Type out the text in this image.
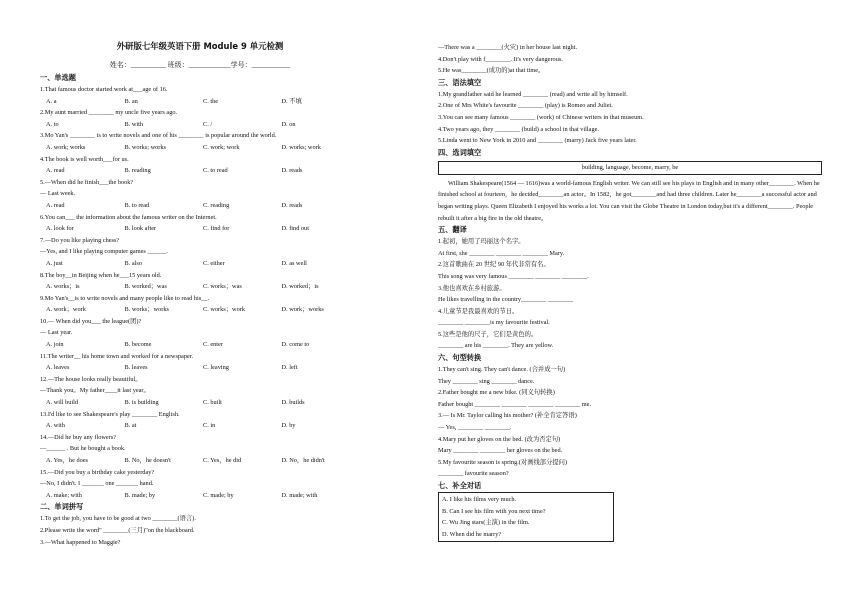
外研版七年级英语下册 Module 9 单元检测
姓名：__________ 班级：____________学号：___________
一、单选题
1.That famous doctor started work at___age of 16.
A. a	B. an	C. the	D. 不填
2.My aunt married ________ my uncle five years ago.
A. to	B. with	C. /	D. on
3.Mo Yan's ________ is to write novels and one of his ________ is popular around the world.
A. work; works	B. works; works	C. work; work	D. works; work
4.The book is well worth___for us.
A. read	B. reading	C. to read	D. reads
5.—When did he finish___the book?
— Last week.
A. read	B. to read	C. reading	D. reads
6.You can___ the information about the famous writer on the Internet.
A. look for	B. look after	C. find for	D. find out
7.—Do you like playing chess?
—Yes, and I like playing computer games ______.
A. just	B. also	C. either	D. as well
8.The boy__in Beijing when he___15 years old.
A. works；is	B. worked；was	C. works；was	D. worked；is
9.Mo Yan's__is to write novels and many people like to read his__.
A. work；work	B. works；works	C. works；work	D. work；works
10.— When did you___ the league(团)?
— Last year.
A. join	B. become	C. enter	D. come to
11.The writer__ his home town and worked for a newspaper.
A. leaves	B. leaves	C. leaving	D. left
12.—The house looks really beautiful。
—Thank you。My father____it last year。
A. will build	B. is building	C. built	D. builds
13.I'd like to see Shakespeare's play ________ English.
A. with	B. at	C. in	D. by
14.—Did he buy any flowers?
—______ . But he bought a book.
A. Yes，he does	B. No，he doesn't	C. Yes，he did	D. No，he didn't
15.—Did you buy a birthday cake yesterday?
—No, I didn't. I _______ one _______ hand.
A. make; with	B. made; by	C. made; by	D. made; with
二、单词拼写
1.To get the job, you have to be good at two ________(语言).
2.Please write the word" ________(三月)"on the blackboard.
3.—What happened to Maggie?
—There was a ________(火灾) in her house last night.
4.Don't play with f________. It's very dangerous.
5.He was________(成功的)at that time。
三、语法填空
1.My grandfather said he learned ________ (read) and write all by himself.
2.One of Mrs White's favourite ________ (play) is Romeo and Juliet.
3.You can see many famous ________ (work) of Chinese writers in that museum.
4.Two years ago, they ________ (build) a school in that village.
5.Linda went to New York in 2010 and ________ (marry) Jack five years later.
四、选词填空
building, language, become, marry, be
William Shakespeare(1564 — 1616)was a world-famous English writer. We can still see his plays in English and in many other________. When he finished school at fourteen，he decided________an actor。In 1582，he got________and had three children. Later he________a successful actor and began writing plays. Queen Elizabeth I enjoyed his works a lot. You can visit the Globe Theatre in London today,but it's a different________. People rebuilt it after a big fire in the old theatre。
五、翻译
1.起初，她用了玛丽这个名字。
At first, she ________ ________ ________ Mary.
2.这首歌曲在 20 世纪 90 年代非常有名。
This song was very famous ________ ________ ________.
3.他也喜欢在乡村旅游。
He likes travelling in the country________ ________
4.儿童节是我最喜欢的节日。
________ ________is my favourite festival.
5.这些是他的尺子，它们是黄色的。
________ are his ________. They are yellow.
六、句型转换
1.They can't sing. They can't dance. (合并成一句)
They ________ sing ________ dance.
2.Father bought me a new bike. (同义句转换)
Father bought ________ ________ ________ ________ me.
3.— Is Mr. Taylor calling his mother? (补全肯定答语)
— Yes, ________ ________.
4.Mary put her gloves on the bed. (改为否定句)
Mary ________ ________ her gloves on the bed.
5.My favourite season is spring.(对画线部分提问)
________ favourite season?
七、补全对话
A. I like his films very much.
B. Can I see his film with you next time?
C. Wu Jing stars(主演) in the film.
D. When did he marry?
